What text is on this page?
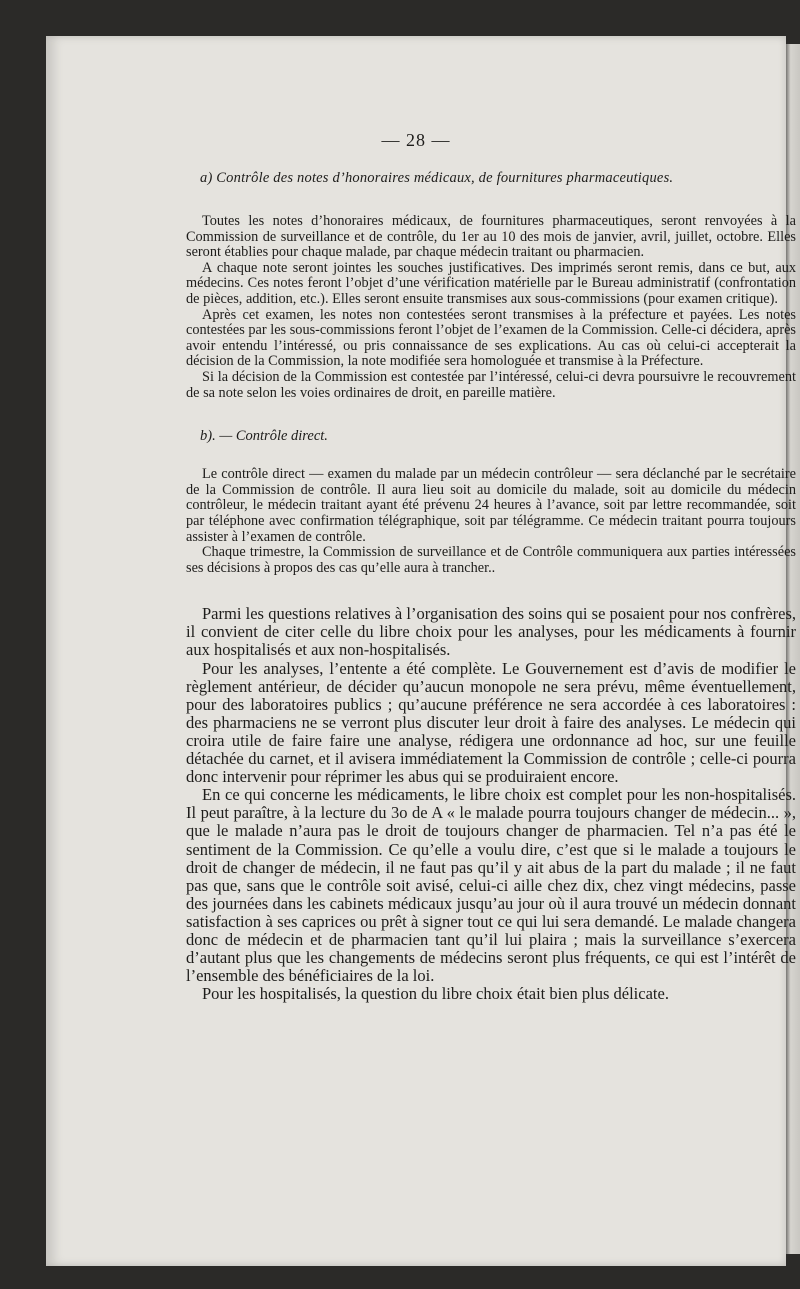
— 28 —

a) Contrôle des notes d’honoraires médicaux, de fournitures pharmaceutiques.

Toutes les notes d’honoraires médicaux, de fournitures pharmaceutiques, seront renvoyées à la Commission de surveillance et de contrôle, du 1er au 10 des mois de janvier, avril, juillet, octobre. Elles seront établies pour chaque malade, par chaque médecin traitant ou pharmacien.

A chaque note seront jointes les souches justificatives. Des imprimés seront remis, dans ce but, aux médecins. Ces notes feront l’objet d’une vérification matérielle par le Bureau administratif (confrontation de pièces, addition, etc.). Elles seront ensuite transmises aux sous-commissions (pour examen critique).

Après cet examen, les notes non contestées seront transmises à la préfecture et payées. Les notes contestées par les sous-commissions feront l’objet de l’examen de la Commission. Celle-ci décidera, après avoir entendu l’intéressé, ou pris connaissance de ses explications. Au cas où celui-ci accepterait la décision de la Commission, la note modifiée sera homologuée et transmise à la Préfecture.

Si la décision de la Commission est contestée par l’intéressé, celui-ci devra poursuivre le recouvrement de sa note selon les voies ordinaires de droit, en pareille matière.

b). — Contrôle direct.

Le contrôle direct — examen du malade par un médecin contrôleur — sera déclanché par le secrétaire de la Commission de contrôle. Il aura lieu soit au domicile du malade, soit au domicile du médecin contrôleur, le médecin traitant ayant été prévenu 24 heures à l’avance, soit par lettre recommandée, soit par téléphone avec confirmation télégraphique, soit par télégramme. Ce médecin traitant pourra toujours assister à l’examen de contrôle.

Chaque trimestre, la Commission de surveillance et de Contrôle communiquera aux parties intéressées ses décisions à propos des cas qu’elle aura à trancher..

Parmi les questions relatives à l’organisation des soins qui se posaient pour nos confrères, il convient de citer celle du libre choix pour les analyses, pour les médicaments à fournir aux hospitalisés et aux non-hospitalisés.

Pour les analyses, l’entente a été complète. Le Gouvernement est d’avis de modifier le règlement antérieur, de décider qu’aucun monopole ne sera prévu, même éventuellement, pour des laboratoires publics ; qu’aucune préférence ne sera accordée à ces laboratoires : des pharmaciens ne se verront plus discuter leur droit à faire des analyses. Le médecin qui croira utile de faire faire une analyse, rédigera une ordonnance ad hoc, sur une feuille détachée du carnet, et il avisera immédiatement la Commission de contrôle ; celle-ci pourra donc intervenir pour réprimer les abus qui se produiraient encore.

En ce qui concerne les médicaments, le libre choix est complet pour les non-hospitalisés. Il peut paraître, à la lecture du 3o de A « le malade pourra toujours changer de médecin... », que le malade n’aura pas le droit de toujours changer de pharmacien. Tel n’a pas été le sentiment de la Commission. Ce qu’elle a voulu dire, c’est que si le malade a toujours le droit de changer de médecin, il ne faut pas qu’il y ait abus de la part du malade ; il ne faut pas que, sans que le contrôle soit avisé, celui-ci aille chez dix, chez vingt médecins, passe des journées dans les cabinets médicaux jusqu’au jour où il aura trouvé un médecin donnant satisfaction à ses caprices ou prêt à signer tout ce qui lui sera demandé. Le malade changera donc de médecin et de pharmacien tant qu’il lui plaira ; mais la surveillance s’exercera d’autant plus que les changements de médecins seront plus fréquents, ce qui est l’intérêt de l’ensemble des bénéficiaires de la loi.

Pour les hospitalisés, la question du libre choix était bien plus délicate.
